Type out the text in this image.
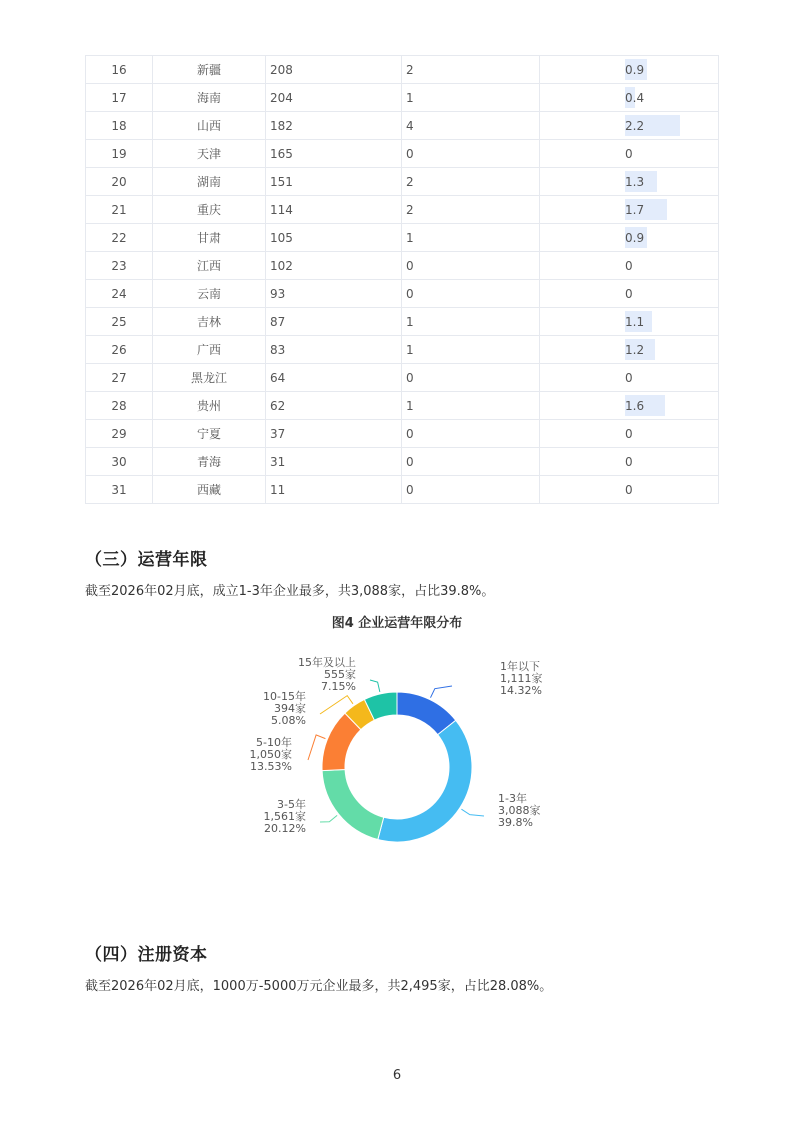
16	新疆	208	2	0.9

17	海南	204	1	0.4

18	山西	182	4	2.2

19	天津	165	0	0

20	湖南	151	2	1.3

21	重庆	114	2	1.7

22	甘肃	105	1	0.9

23	江西	102	0	0

24	云南	93	0	0

25	吉林	87	1	1.1

26	广西	83	1	1.2

27	黑龙江	64	0	0

28	贵州	62	1	1.6

29	宁夏	37	0	0

30	青海	31	0	0

31	西藏	11	0	0
（三）运营年限
截至2026年02月底，成立1-3年企业最多，共3,088家，占比39.8%。
图4 企业运营年限分布
1年以下 1,111家 14.32%
1-3年 3,088家 39.8%
3-5年 1,561家 20.12%
5-10年 1,050家 13.53%
10-15年 394家 5.08%
15年及以上 555家 7.15%
（四）注册资本
截至2026年02月底，1000万-5000万元企业最多，共2,495家，占比28.08%。
6
